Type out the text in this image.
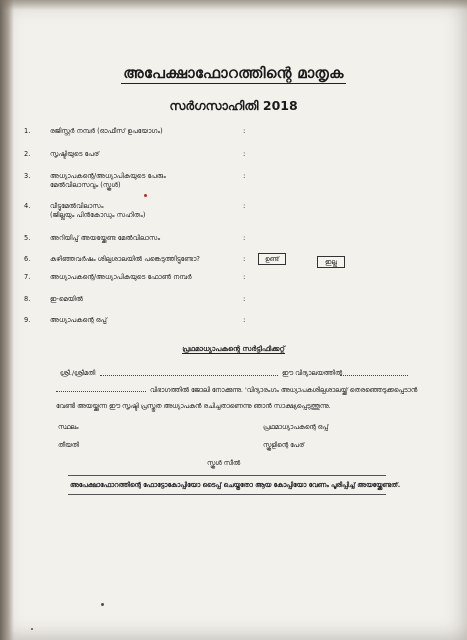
അപേക്ഷാഫോറത്തിന്റെ മാതൃക
സർഗസാഹിതി 2018
1.	രജിസ്റ്റർ നമ്പർ (ഓഫീസ് ഉപയോഗം)	:
2.	സൃഷ്ടിയുടെ പേര്	:
3.	അധ്യാപകന്റെ/അധ്യാപികയുടെ പേരും	:
മേൽവിലാസവും (സ്കൂൾ)
4.	വീട്ടുമേൽവിലാസം	:
(ജില്ലയും പിൻകോഡും സഹിതം)
5.	അറിയിപ്പ് അയയ്ക്കേണ്ട മേൽവിലാസം	:
6.	കഴിഞ്ഞവർഷം ശില്പശാലയിൽ പങ്കെടുത്തിട്ടുണ്ടോ?	:	ഉണ്ട്	ഇല്ല
7.	അധ്യാപകന്റെ/അധ്യാപികയുടെ ഫോൺ നമ്പർ	:
8.	ഇ-മെയിൽ	:
9.	അധ്യാപകന്റെ ഒപ്പ്	:
പ്രഥമാധ്യാപകന്റെ സർട്ടിഫിക്കറ്റ്
ശ്രീ./ശ്രീമതി	ഈ വിദ്യാലയത്തിൽ
വിഭാഗത്തിൽ ജോലി നോക്കുന്നു. 'വിദ്യാരംഗം അധ്യാപകശില്പശാലയ്ക്ക് തെരഞ്ഞെടുക്കപ്പെടാൻ
വേണ്ടി അയയ്ക്കുന്ന ഈ സൃഷ്ടി പ്രസ്തുത അധ്യാപകൻ രചിച്ചതാണെന്നു ഞാൻ സാക്ഷ്യപ്പെടുത്തുന്നു.
സ്ഥലം
തീയതി
പ്രഥമാധ്യാപകന്റെ ഒപ്പ്
സ്കൂളിന്റെ പേര്
സ്കൂൾ സീൽ
അപേക്ഷാഫോറത്തിന്റെ ഫോട്ടോകോപ്പിയോ ടൈപ്പ് ചെയ്തതോ ആയ കോപ്പിയോ വേണം പൂരിപ്പിച്ച് അയയ്ക്കേണ്ടത്.
